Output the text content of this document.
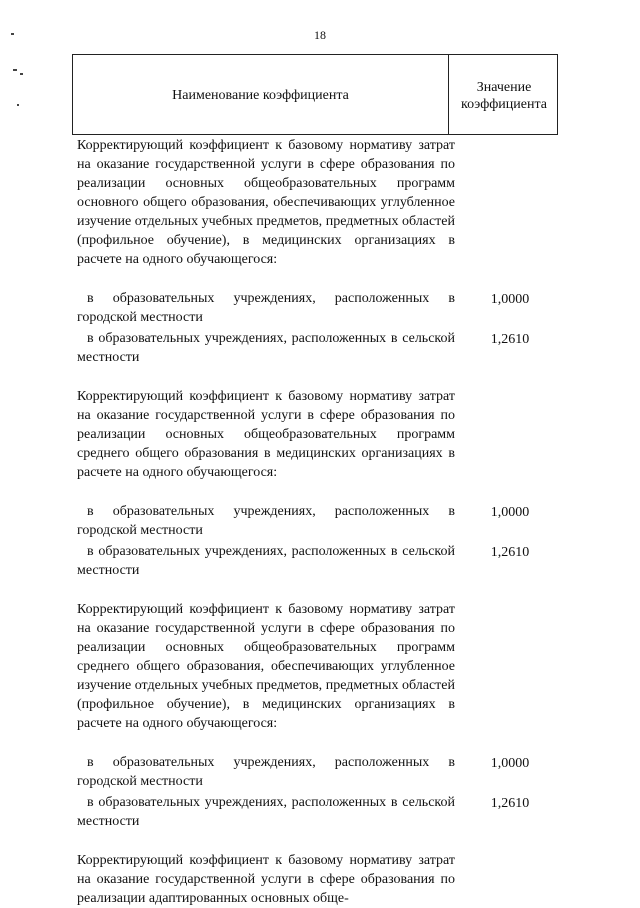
18
Наименование коэффициента
Значение
коэффициента
Корректирующий коэффициент к базовому нормативу затрат на оказание государственной услуги в сфере образования по реализации основных общеобразовательных программ основного общего образования, обеспечивающих углубленное изучение отдельных учебных предметов, предметных областей (профильное обучение), в медицинских организациях в расчете на одного обучающегося:
в образовательных учреждениях, расположенных в городской местности
1,0000
в образовательных учреждениях, расположенных в сельской местности
1,2610
Корректирующий коэффициент к базовому нормативу затрат на оказание государственной услуги в сфере образования по реализации основных общеобразовательных программ среднего общего образования в медицинских организациях в расчете на одного обучающегося:
в образовательных учреждениях, расположенных в городской местности
1,0000
в образовательных учреждениях, расположенных в сельской местности
1,2610
Корректирующий коэффициент к базовому нормативу затрат на оказание государственной услуги в сфере образования по реализации основных общеобразовательных программ среднего общего образования, обеспечивающих углубленное изучение отдельных учебных предметов, предметных областей (профильное обучение), в медицинских организациях в расчете на одного обучающегося:
в образовательных учреждениях, расположенных в городской местности
1,0000
в образовательных учреждениях, расположенных в сельской местности
1,2610
Корректирующий коэффициент к базовому нормативу затрат на оказание государственной услуги в сфере образования по реализации адаптированных основных обще-
